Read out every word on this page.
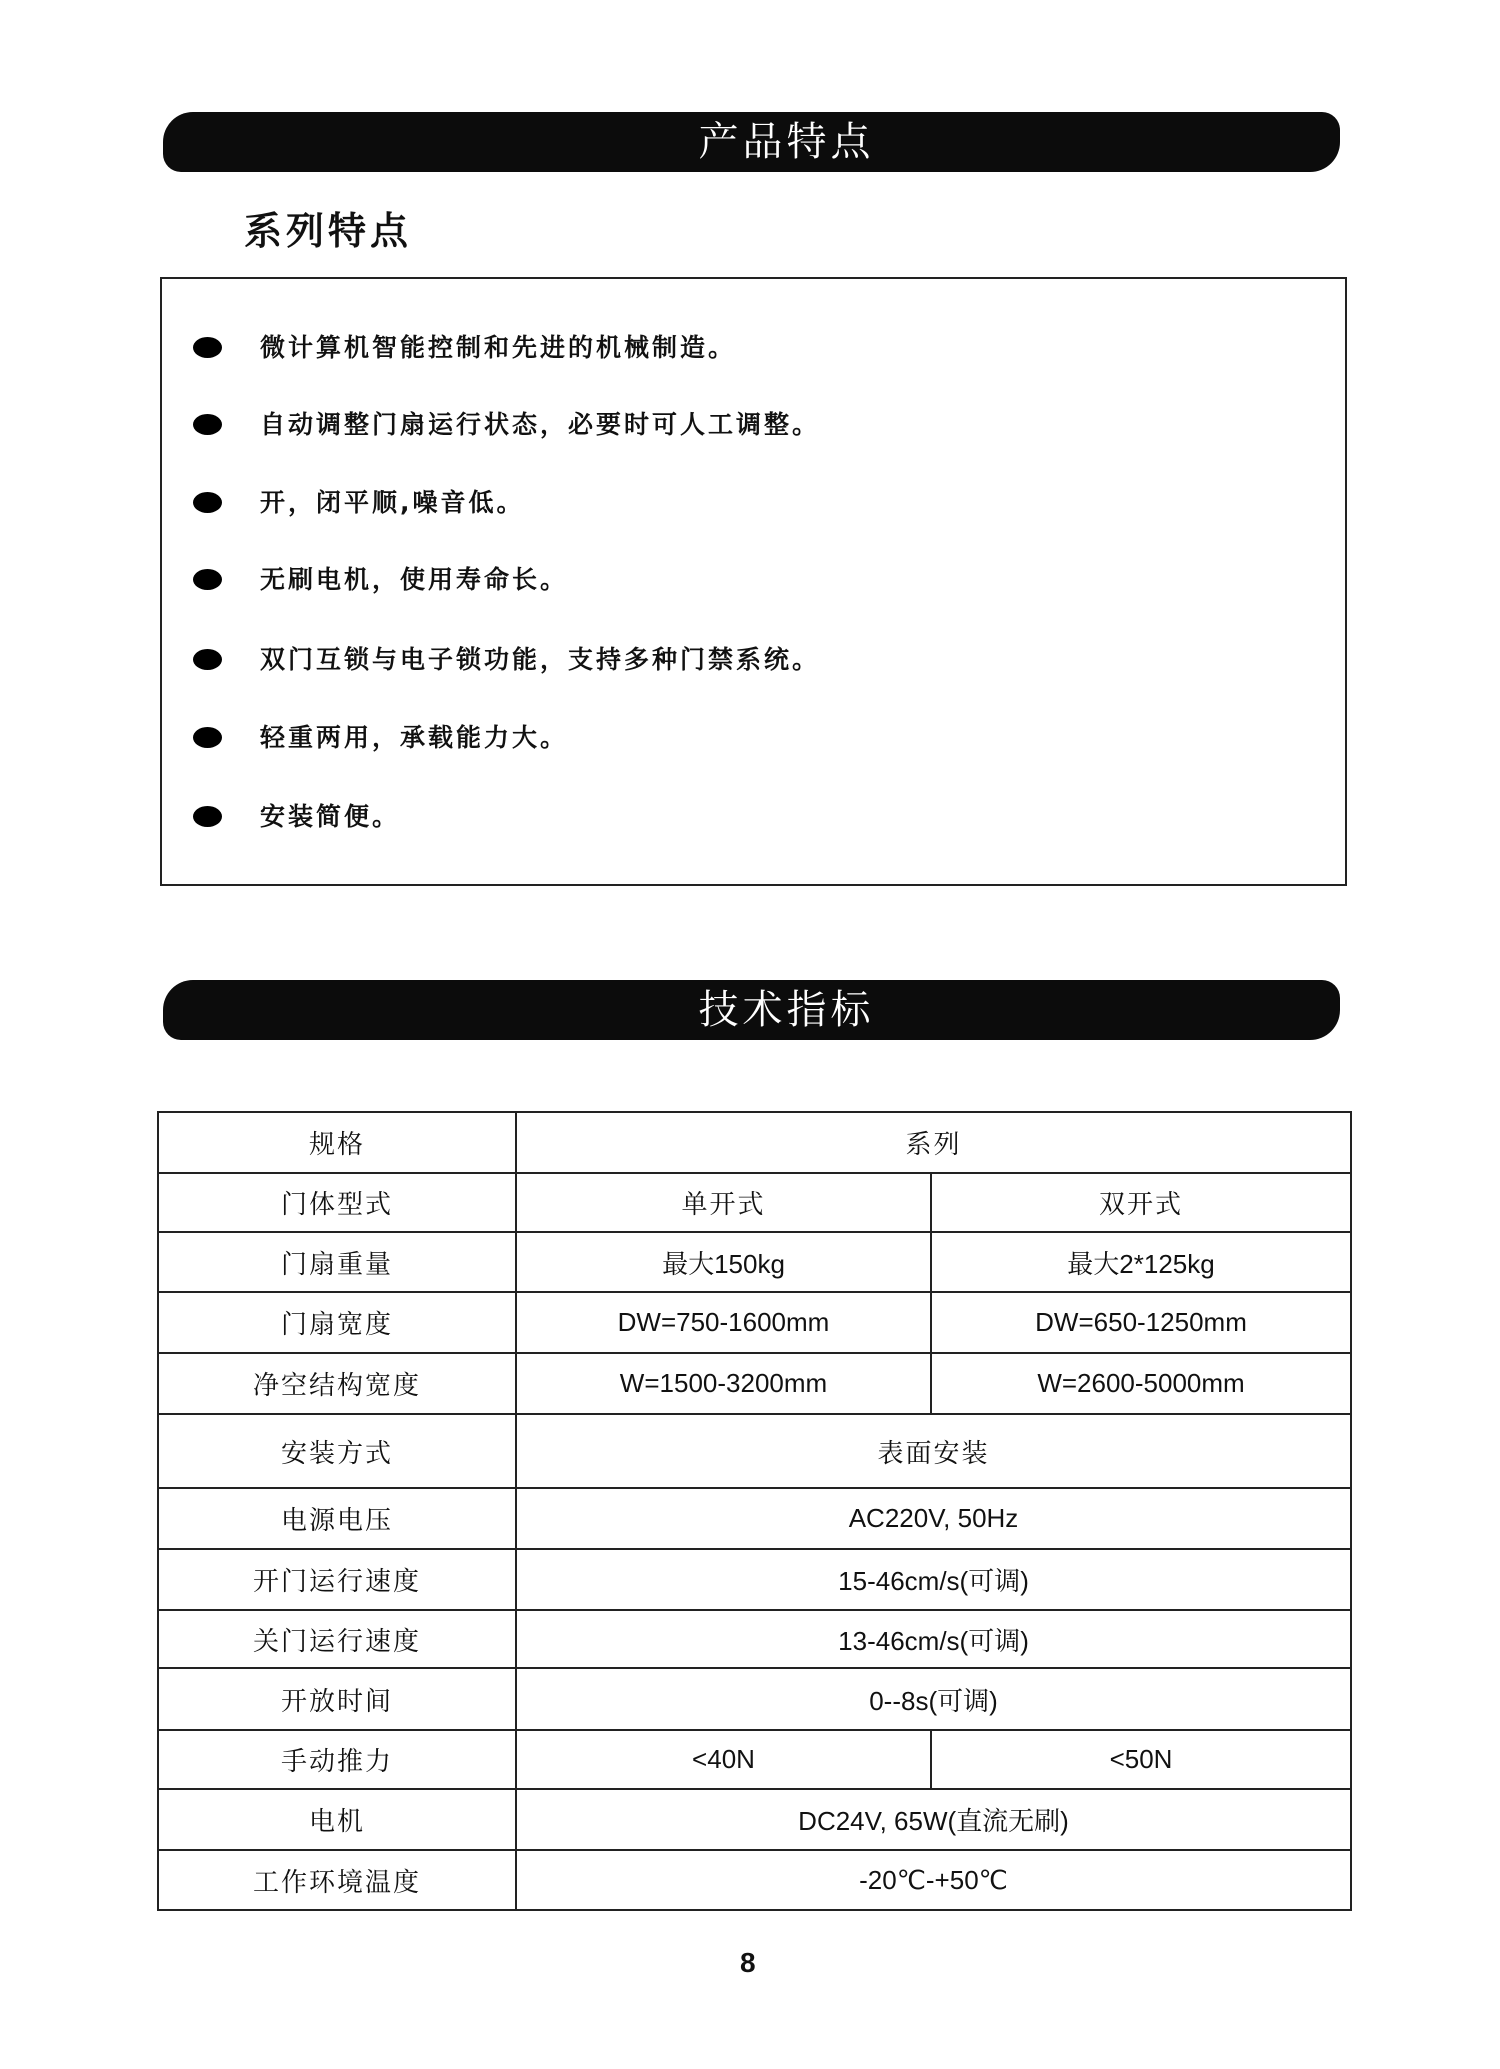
产品特点
系列特点
微计算机智能控制和先进的机械制造。
自动调整门扇运行状态，必要时可人工调整。
开，闭平顺,噪音低。
无刷电机，使用寿命长。
双门互锁与电子锁功能，支持多种门禁系统。
轻重两用，承载能力大。
安装简便。
技术指标
规格	系列	
门体型式	单开式	双开式
门扇重量	最大150kg	最大2*125kg
门扇宽度	DW=750-1600mm	DW=650-1250mm
净空结构宽度	W=1500-3200mm	W=2600-5000mm
安装方式	表面安装	
电源电压	AC220V, 50Hz	
开门运行速度	15-46cm/s(可调)	
关门运行速度	13-46cm/s(可调)	
开放时间	0--8s(可调)	
手动推力	<40N	<50N
电机	DC24V, 65W(直流无刷)	
工作环境温度	-20℃-+50℃	
8
